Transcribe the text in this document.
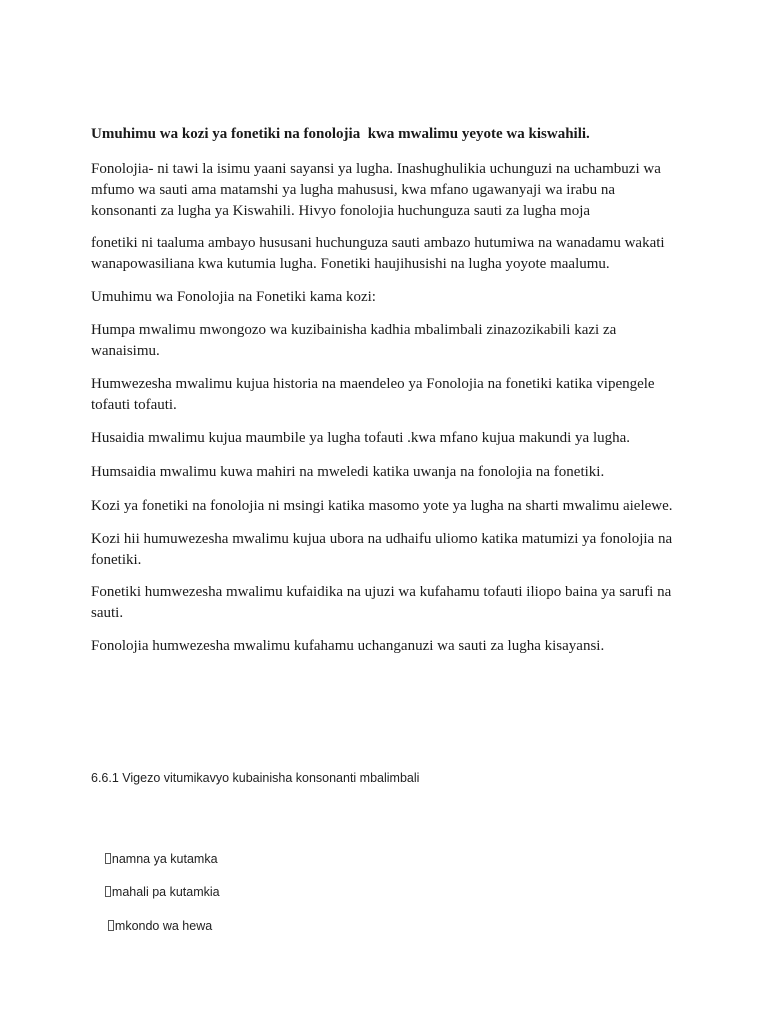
Umuhimu wa kozi ya fonetiki na fonolojia  kwa mwalimu yeyote wa kiswahili.

Fonolojia- ni tawi la isimu yaani sayansi ya lugha. Inashughulikia uchunguzi na uchambuzi wa
mfumo wa sauti ama matamshi ya lugha mahususi, kwa mfano ugawanyaji wa irabu na
konsonanti za lugha ya Kiswahili. Hivyo fonolojia huchunguza sauti za lugha moja

fonetiki ni taaluma ambayo hususani huchunguza sauti ambazo hutumiwa na wanadamu wakati
wanapowasiliana kwa kutumia lugha. Fonetiki haujihusishi na lugha yoyote maalumu.

Umuhimu wa Fonolojia na Fonetiki kama kozi:

Humpa mwalimu mwongozo wa kuzibainisha kadhia mbalimbali zinazozikabili kazi za
wanaisimu.

Humwezesha mwalimu kujua historia na maendeleo ya Fonolojia na fonetiki katika vipengele
tofauti tofauti.

Husaidia mwalimu kujua maumbile ya lugha tofauti .kwa mfano kujua makundi ya lugha.

Humsaidia mwalimu kuwa mahiri na mweledi katika uwanja na fonolojia na fonetiki.

Kozi ya fonetiki na fonolojia ni msingi katika masomo yote ya lugha na sharti mwalimu aielewe.

Kozi hii humuwezesha mwalimu kujua ubora na udhaifu uliomo katika matumizi ya fonolojia na
fonetiki.

Fonetiki humwezesha mwalimu kufaidika na ujuzi wa kufahamu tofauti iliopo baina ya sarufi na
sauti.

Fonolojia humwezesha mwalimu kufahamu uchanganuzi wa sauti za lugha kisayansi.

6.6.1 Vigezo vitumikavyo kubainisha konsonanti mbalimbali

namna ya kutamka

mahali pa kutamkia

mkondo wa hewa
